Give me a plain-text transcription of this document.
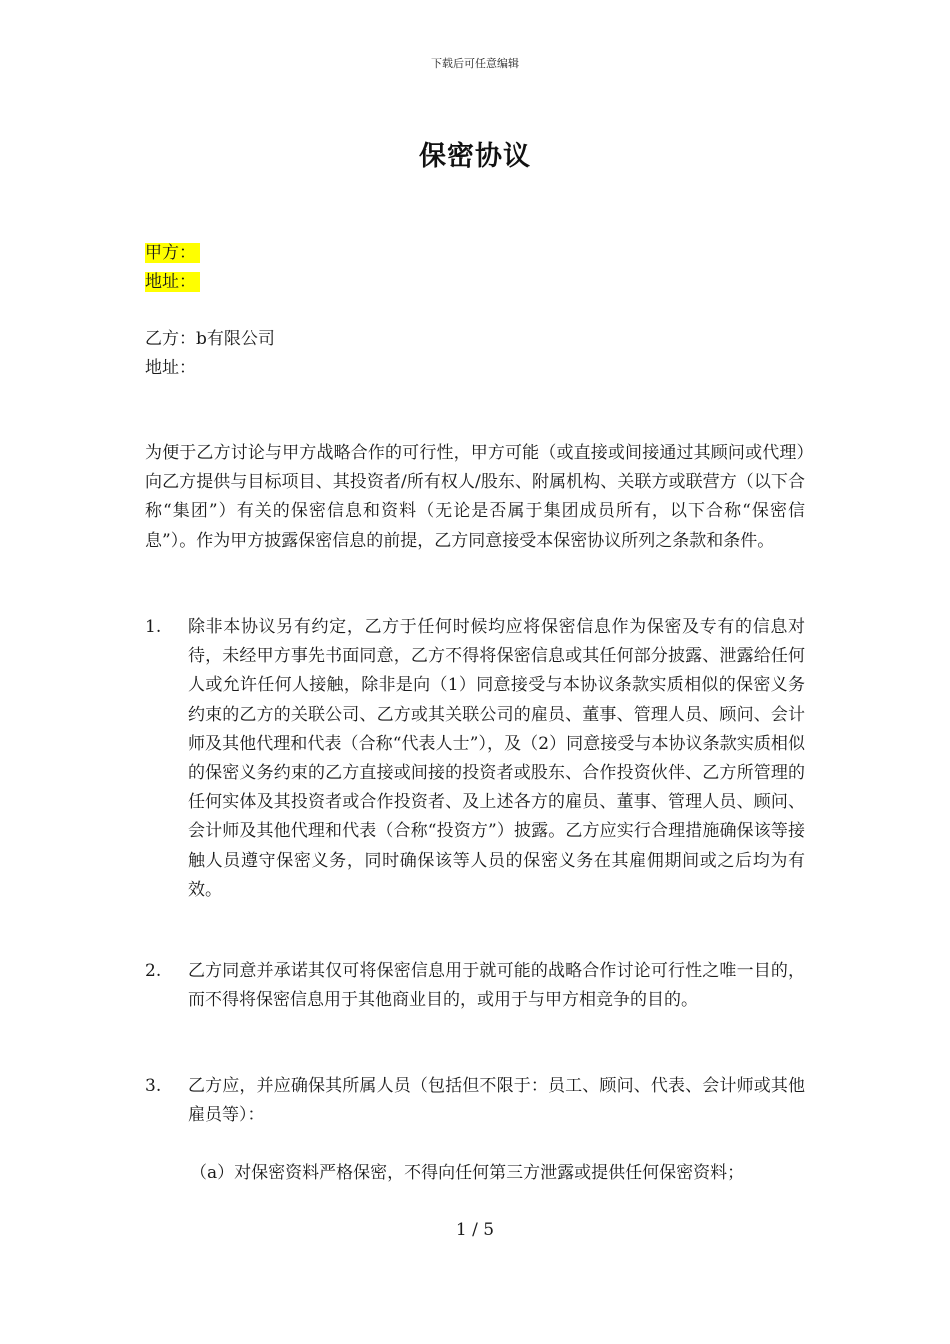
下载后可任意编辑
保密协议
甲方：
地址：
乙方：b有限公司
地址：
为便于乙方讨论与甲方战略合作的可行性，甲方可能（或直接或间接通过其顾问或代理）向乙方提供与目标项目、其投资者/所有权人/股东、附属机构、关联方或联营方（以下合称“集团”）有关的保密信息和资料（无论是否属于集团成员所有，以下合称“保密信息”）。作为甲方披露保密信息的前提，乙方同意接受本保密协议所列之条款和条件。
1.	除非本协议另有约定，乙方于任何时候均应将保密信息作为保密及专有的信息对待，未经甲方事先书面同意，乙方不得将保密信息或其任何部分披露、泄露给任何人或允许任何人接触，除非是向（1）同意接受与本协议条款实质相似的保密义务约束的乙方的关联公司、乙方或其关联公司的雇员、董事、管理人员、顾问、会计师及其他代理和代表（合称“代表人士”），及（2）同意接受与本协议条款实质相似的保密义务约束的乙方直接或间接的投资者或股东、合作投资伙伴、乙方所管理的任何实体及其投资者或合作投资者、及上述各方的雇员、董事、管理人员、顾问、会计师及其他代理和代表（合称“投资方”）披露。乙方应实行合理措施确保该等接触人员遵守保密义务，同时确保该等人员的保密义务在其雇佣期间或之后均为有效。
2.	乙方同意并承诺其仅可将保密信息用于就可能的战略合作讨论可行性之唯一目的，而不得将保密信息用于其他商业目的，或用于与甲方相竞争的目的。
3.	乙方应，并应确保其所属人员（包括但不限于：员工、顾问、代表、会计师或其他雇员等）：
（a）对保密资料严格保密，不得向任何第三方泄露或提供任何保密资料；
1 / 5
